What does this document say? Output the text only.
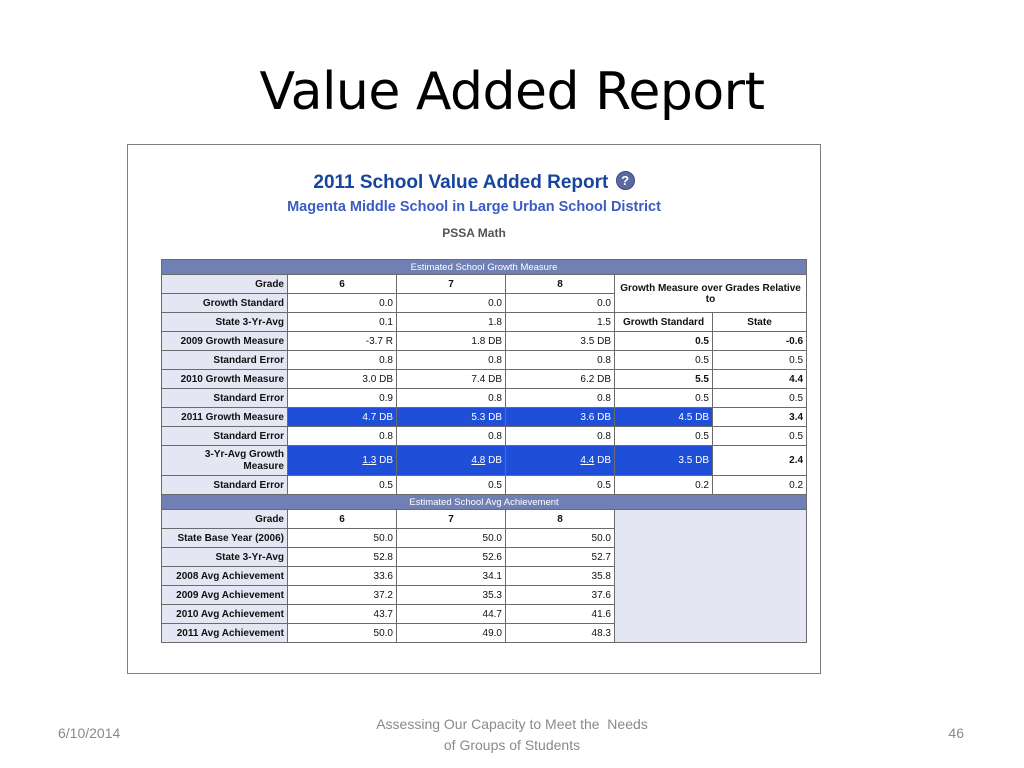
Value Added Report
2011 School Value Added Report ?
Magenta Middle School in Large Urban School District
PSSA Math
Estimated School Growth Measure					
Grade	6	7	8	Growth Measure over Grades Relative to	
Growth Standard	0.0	0.0	0.0		
State 3-Yr-Avg	0.1	1.8	1.5	Growth Standard	State
2009 Growth Measure	-3.7 R	1.8 DB	3.5 DB	0.5	-0.6
Standard Error	0.8	0.8	0.8	0.5	0.5
2010 Growth Measure	3.0 DB	7.4 DB	6.2 DB	5.5	4.4
Standard Error	0.9	0.8	0.8	0.5	0.5
2011 Growth Measure	4.7 DB	5.3 DB	3.6 DB	4.5 DB	3.4
Standard Error	0.8	0.8	0.8	0.5	0.5
3-Yr-Avg Growth Measure	1.3 DB	4.8 DB	4.4 DB	3.5 DB	2.4
Standard Error	0.5	0.5	0.5	0.2	0.2
Estimated School Avg Achievement					
Grade	6	7	8		
State Base Year (2006)	50.0	50.0	50.0		
State 3-Yr-Avg	52.8	52.6	52.7		
2008 Avg Achievement	33.6	34.1	35.8		
2009 Avg Achievement	37.2	35.3	37.6		
2010 Avg Achievement	43.7	44.7	41.6		
2011 Avg Achievement	50.0	49.0	48.3		
6/10/2014
Assessing Our Capacity to Meet the  Needs
of Groups of Students
46
